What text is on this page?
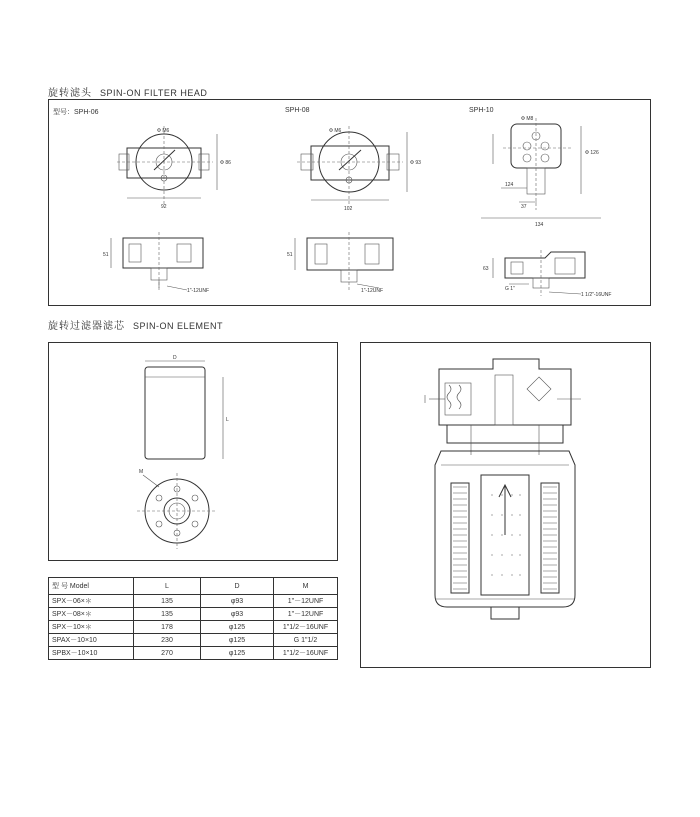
旋转滤头 SPIN-ON FILTER HEAD
型号：SPH-06	SPH-08	SPH-10
Φ M6
92
Φ 86
51
1"-12UNF
Φ M6
102
Φ 93
51
1"-12UNF
Φ M8
Φ 126
124
37
134
63
G 1"
1 1/2"-16UNF
旋转过滤器滤芯 SPIN-ON ELEMENT
D
L
M
型 号 Model	L	D	M
SPX－06×＊	135	φ93	1"－12UNF
SPX－08×＊	135	φ93	1"－12UNF
SPX－10×＊	178	φ125	1"1/2－16UNF
SPAX－10×10	230	φ125	G 1"1/2
SPBX－10×10	270	φ125	1"1/2－16UNF
